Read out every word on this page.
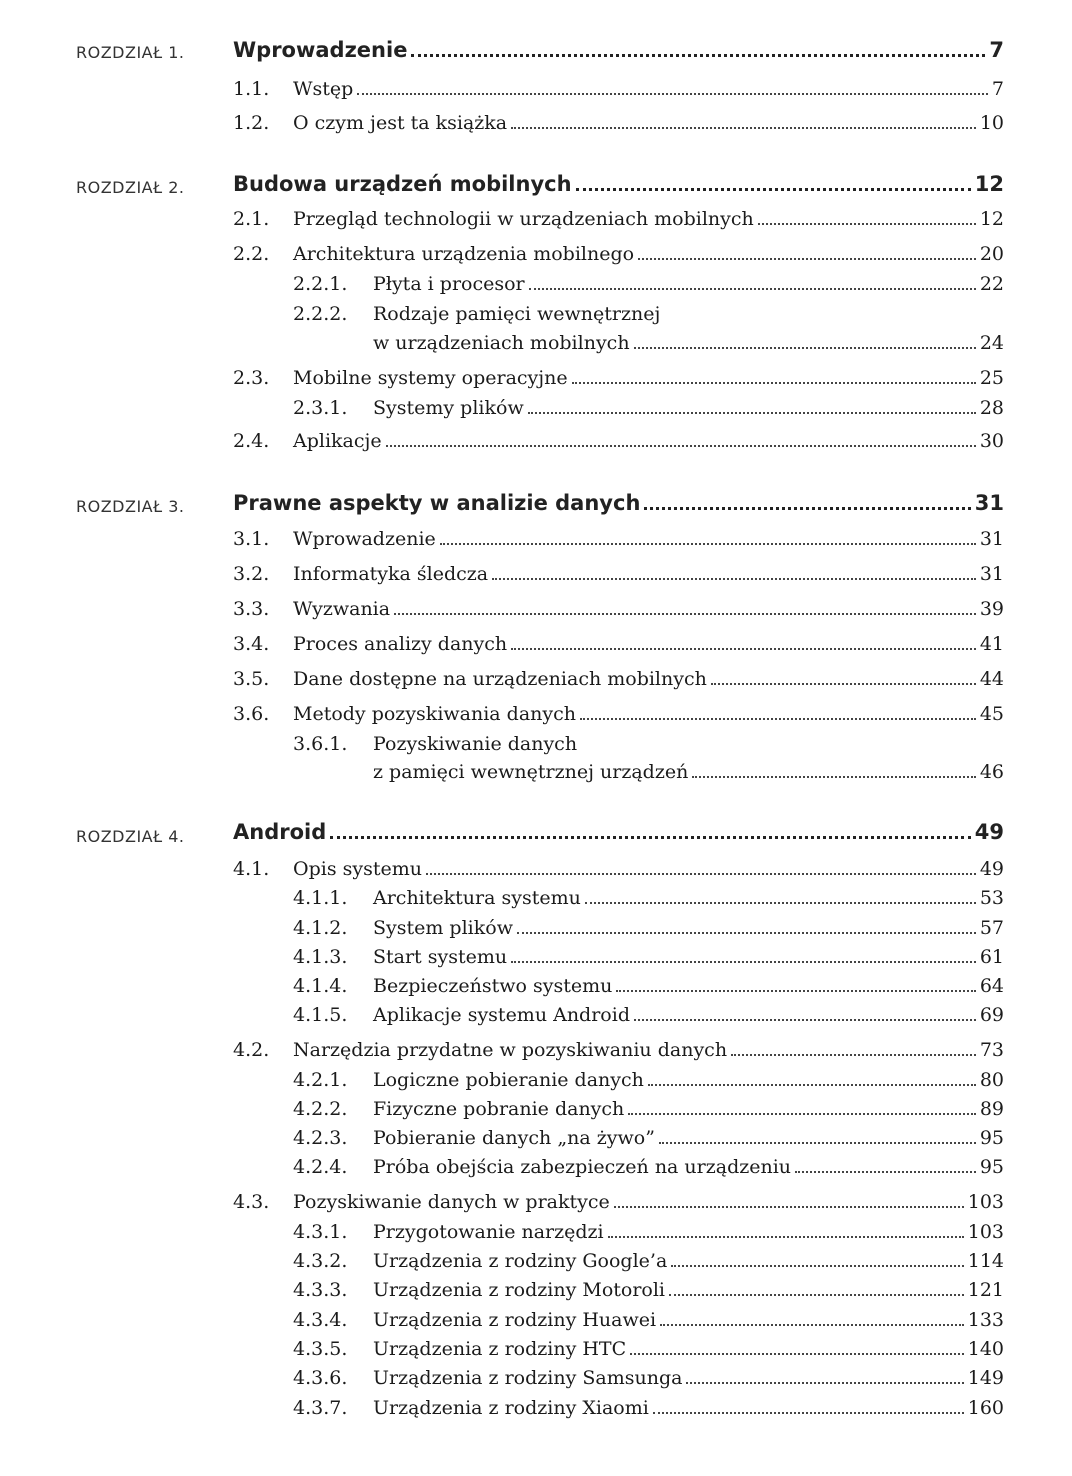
ROZDZIAŁ 1.	Wprowadzenie	7
1.1.	Wstęp	7
1.2.	O czym jest ta książka	10
ROZDZIAŁ 2.	Budowa urządzeń mobilnych	12
2.1.	Przegląd technologii w urządzeniach mobilnych	12
2.2.	Architektura urządzenia mobilnego	20
2.2.1.	Płyta i procesor	22
2.2.2.	Rodzaje pamięci wewnętrznej
w urządzeniach mobilnych	24
2.3.	Mobilne systemy operacyjne	25
2.3.1.	Systemy plików	28
2.4.	Aplikacje	30
ROZDZIAŁ 3.	Prawne aspekty w analizie danych	31
3.1.	Wprowadzenie	31
3.2.	Informatyka śledcza	31
3.3.	Wyzwania	39
3.4.	Proces analizy danych	41
3.5.	Dane dostępne na urządzeniach mobilnych	44
3.6.	Metody pozyskiwania danych	45
3.6.1.	Pozyskiwanie danych
z pamięci wewnętrznej urządzeń	46
ROZDZIAŁ 4.	Android	49
4.1.	Opis systemu	49
4.1.1.	Architektura systemu	53
4.1.2.	System plików	57
4.1.3.	Start systemu	61
4.1.4.	Bezpieczeństwo systemu	64
4.1.5.	Aplikacje systemu Android	69
4.2.	Narzędzia przydatne w pozyskiwaniu danych	73
4.2.1.	Logiczne pobieranie danych	80
4.2.2.	Fizyczne pobranie danych	89
4.2.3.	Pobieranie danych „na żywo”	95
4.2.4.	Próba obejścia zabezpieczeń na urządzeniu	95
4.3.	Pozyskiwanie danych w praktyce	103
4.3.1.	Przygotowanie narzędzi	103
4.3.2.	Urządzenia z rodziny Google’a	114
4.3.3.	Urządzenia z rodziny Motoroli	121
4.3.4.	Urządzenia z rodziny Huawei	133
4.3.5.	Urządzenia z rodziny HTC	140
4.3.6.	Urządzenia z rodziny Samsunga	149
4.3.7.	Urządzenia z rodziny Xiaomi	160
